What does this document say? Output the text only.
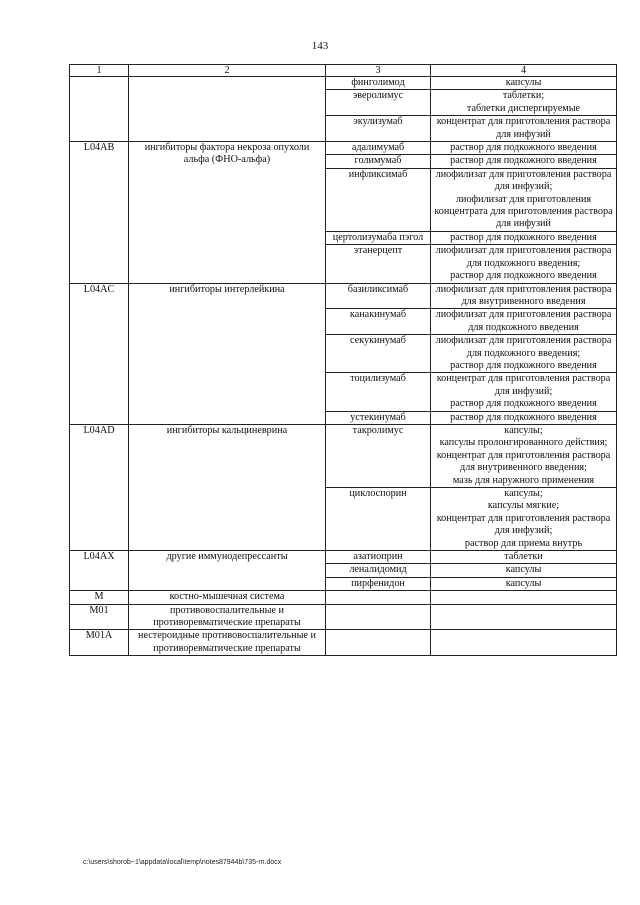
143
1	2	3	4
		финголимод	капсулы

		эверолимус	таблетки;
таблетки диспергируемые

		экулизумаб	концентрат для приготовления раствора для инфузий

L04AB	ингибиторы фактора некроза опухоли альфа (ФНО-альфа)	адалимумаб	раствор для подкожного введения

		голимумаб	раствор для подкожного введения

		инфликсимаб	лиофилизат для приготовления раствора для инфузий;
лиофилизат для приготовления концентрата для приготовления раствора для инфузий

		цертолизумаба пэгол	раствор для подкожного введения

		этанерцепт	лиофилизат для приготовления раствора для подкожного введения;
раствор для подкожного введения

L04AC	ингибиторы интерлейкина	базиликсимаб	лиофилизат для приготовления раствора для внутривенного введения

		канакинумаб	лиофилизат для приготовления раствора для подкожного введения

		секукинумаб	лиофилизат для приготовления раствора для подкожного введения;
раствор для подкожного введения

		тоцилизумаб	концентрат для приготовления раствора для инфузий;
раствор для подкожного введения

		устекинумаб	раствор для подкожного введения

L04AD	ингибиторы кальциневрина	такролимус	капсулы;
капсулы пролонгированного действия;
концентрат для приготовления раствора для внутривенного введения;
мазь для наружного применения

		циклоспорин	капсулы;
капсулы мягкие;
концентрат для приготовления раствора для инфузий;
раствор для приема внутрь

L04AX	другие иммунодепрессанты	азатиоприн	таблетки

		леналидомид	капсулы

		пирфенидон	капсулы

M	костно-мышечная система		
M01	противовоспалительные и противоревматические препараты		
M01A	нестероидные противовоспалительные и противоревматические препараты		
c:\users\shorob~1\appdata\local\temp\notes87944b\735-rn.docx
